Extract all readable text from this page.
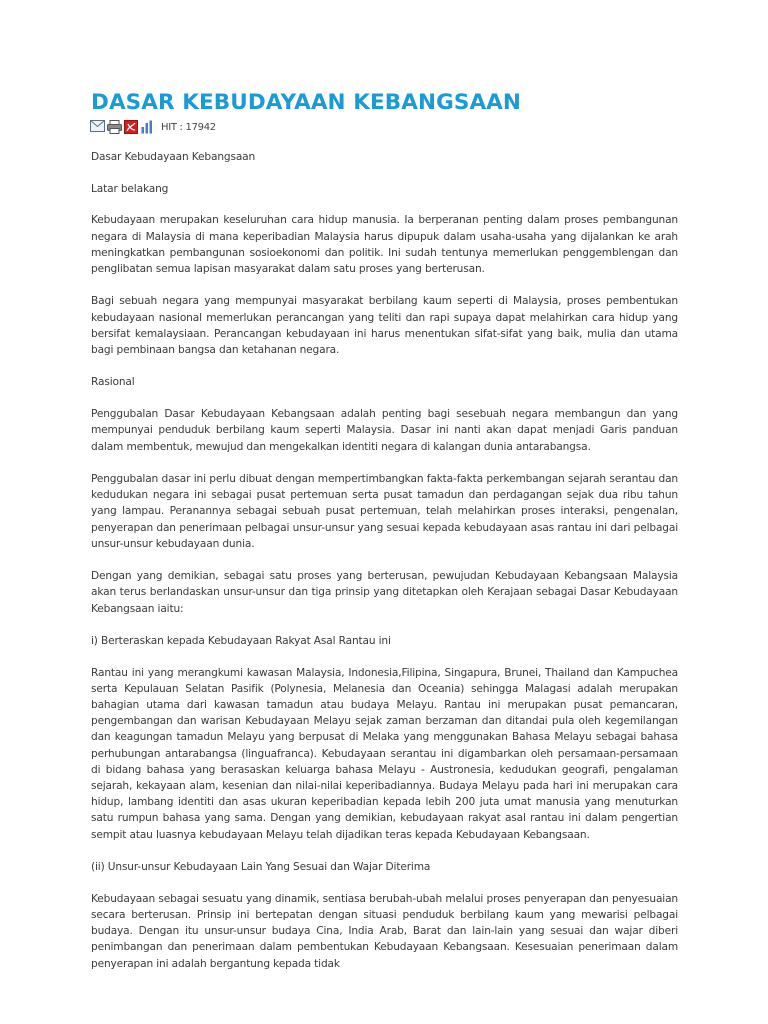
DASAR KEBUDAYAAN KEBANGSAAN
HIT : 17942

Dasar Kebudayaan Kebangsaan

Latar belakang

Kebudayaan merupakan keseluruhan cara hidup manusia. Ia berperanan penting dalam proses pembangunan negara di Malaysia di mana keperibadian Malaysia harus dipupuk dalam usaha-usaha yang dijalankan ke arah meningkatkan pembangunan sosioekonomi dan politik. Ini sudah tentunya memerlukan penggemblengan dan penglibatan semua lapisan masyarakat dalam satu proses yang berterusan.

Bagi sebuah negara yang mempunyai masyarakat berbilang kaum seperti di Malaysia, proses pembentukan kebudayaan nasional memerlukan perancangan yang teliti dan rapi supaya dapat melahirkan cara hidup yang bersifat kemalaysiaan. Perancangan kebudayaan ini harus menentukan sifat-sifat yang baik, mulia dan utama bagi pembinaan bangsa dan ketahanan negara.

Rasional

Penggubalan Dasar Kebudayaan Kebangsaan adalah penting bagi sesebuah negara membangun dan yang mempunyai penduduk berbilang kaum seperti Malaysia. Dasar ini nanti akan dapat menjadi Garis panduan dalam membentuk, mewujud dan mengekalkan identiti negara di kalangan dunia antarabangsa.

Penggubalan dasar ini perlu dibuat dengan mempertimbangkan fakta-fakta perkembangan sejarah serantau dan kedudukan negara ini sebagai pusat pertemuan serta pusat tamadun dan perdagangan sejak dua ribu tahun yang lampau. Peranannya sebagai sebuah pusat pertemuan, telah melahirkan proses interaksi, pengenalan, penyerapan dan penerimaan pelbagai unsur-unsur yang sesuai kepada kebudayaan asas rantau ini dari pelbagai unsur-unsur kebudayaan dunia.

Dengan yang demikian, sebagai satu proses yang berterusan, pewujudan Kebudayaan Kebangsaan Malaysia akan terus berlandaskan unsur-unsur dan tiga prinsip yang ditetapkan oleh Kerajaan sebagai Dasar Kebudayaan Kebangsaan iaitu:

i) Berteraskan kepada Kebudayaan Rakyat Asal Rantau ini

Rantau ini yang merangkumi kawasan Malaysia, Indonesia,Filipina, Singapura, Brunei, Thailand dan Kampuchea serta Kepulauan Selatan Pasifik (Polynesia, Melanesia dan Oceania) sehingga Malagasi adalah merupakan bahagian utama dari kawasan tamadun atau budaya Melayu. Rantau ini merupakan pusat pemancaran, pengembangan dan warisan Kebudayaan Melayu sejak zaman berzaman dan ditandai pula oleh kegemilangan dan keagungan tamadun Melayu yang berpusat di Melaka yang menggunakan Bahasa Melayu sebagai bahasa perhubungan antarabangsa (linguafranca). Kebudayaan serantau ini digambarkan oleh persamaan-persamaan di bidang bahasa yang berasaskan keluarga bahasa Melayu - Austronesia, kedudukan geografi, pengalaman sejarah, kekayaan alam, kesenian dan nilai-nilai keperibadiannya. Budaya Melayu pada hari ini merupakan cara hidup, lambang identiti dan asas ukuran keperibadian kepada lebih 200 juta umat manusia yang menuturkan satu rumpun bahasa yang sama. Dengan yang demikian, kebudayaan rakyat asal rantau ini dalam pengertian sempit atau luasnya kebudayaan Melayu telah dijadikan teras kepada Kebudayaan Kebangsaan.

(ii) Unsur-unsur Kebudayaan Lain Yang Sesuai dan Wajar Diterima

Kebudayaan sebagai sesuatu yang dinamik, sentiasa berubah-ubah melalui proses penyerapan dan penyesuaian secara berterusan. Prinsip ini bertepatan dengan situasi penduduk berbilang kaum yang mewarisi pelbagai budaya. Dengan itu unsur-unsur budaya Cina, India Arab, Barat dan lain-lain yang sesuai dan wajar diberi penimbangan dan penerimaan dalam pembentukan Kebudayaan Kebangsaan. Kesesuaian penerimaan dalam penyerapan ini adalah bergantung kepada tidak
